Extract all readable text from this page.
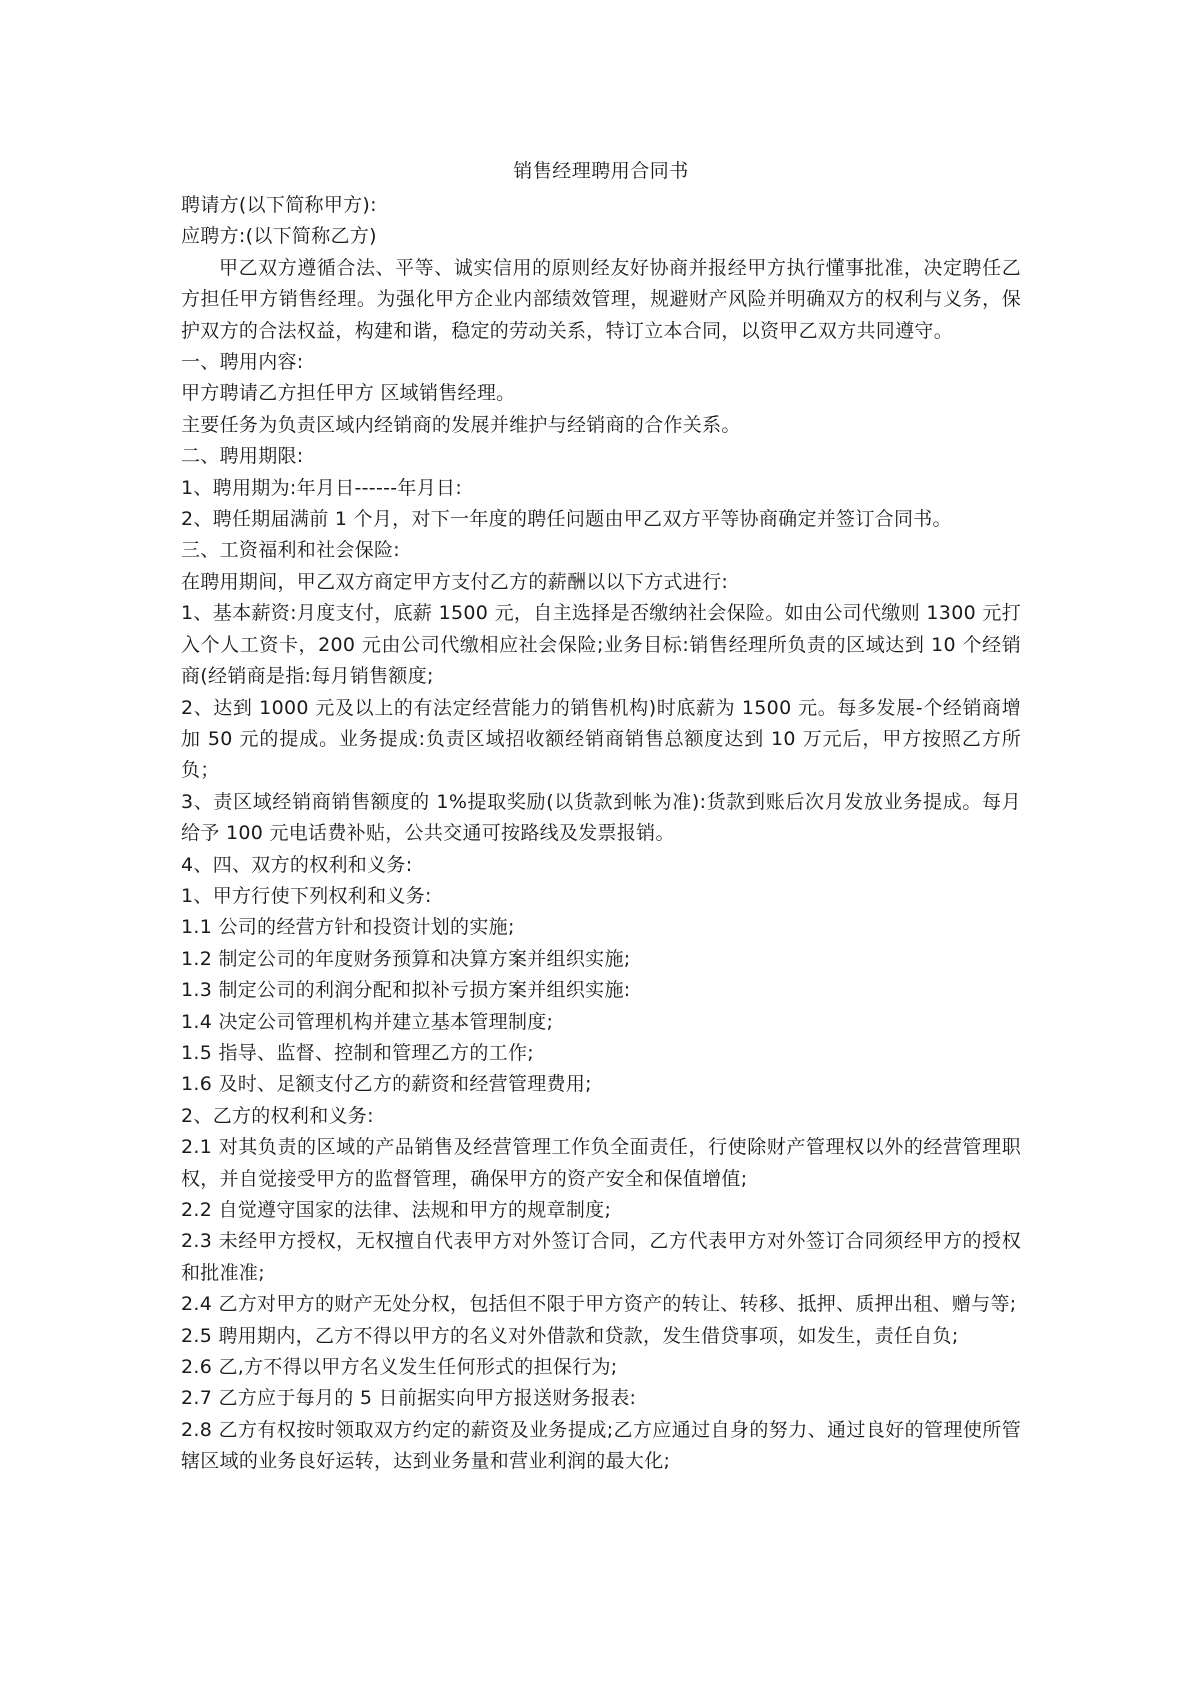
销售经理聘用合同书

聘请方(以下简称甲方):

应聘方:(以下简称乙方)

甲乙双方遵循合法、平等、诚实信用的原则经友好协商并报经甲方执行懂事批准，决定聘任乙方担任甲方销售经理。为强化甲方企业内部绩效管理，规避财产风险并明确双方的权利与义务，保护双方的合法权益，构建和谐，稳定的劳动关系，特订立本合同，以资甲乙双方共同遵守。

一、聘用内容:

甲方聘请乙方担任甲方 区域销售经理。

主要任务为负责区域内经销商的发展并维护与经销商的合作关系。

二、聘用期限:

1、聘用期为:年月日------年月日:

2、聘任期届满前 1 个月，对下一年度的聘任问题由甲乙双方平等协商确定并签订合同书。

三、工资福利和社会保险:

在聘用期间，甲乙双方商定甲方支付乙方的薪酬以以下方式进行:

1、基本薪资:月度支付，底薪 1500 元，自主选择是否缴纳社会保险。如由公司代缴则 1300 元打入个人工资卡，200 元由公司代缴相应社会保险;业务目标:销售经理所负责的区域达到 10 个经销商(经销商是指:每月销售额度;

2、达到 1000 元及以上的有法定经营能力的销售机构)时底薪为 1500 元。每多发展-个经销商增加 50 元的提成。业务提成:负责区域招收额经销商销售总额度达到 10 万元后，甲方按照乙方所负；

3、责区域经销商销售额度的 1%提取奖励(以货款到帐为准):货款到账后次月发放业务提成。每月给予 100 元电话费补贴，公共交通可按路线及发票报销。

4、四、双方的权利和义务:

1、甲方行使下列权利和义务:

1.1 公司的经营方针和投资计划的实施;

1.2 制定公司的年度财务预算和决算方案并组织实施;

1.3 制定公司的利润分配和拟补亏损方案并组织实施:

1.4 决定公司管理机构并建立基本管理制度;

1.5 指导、监督、控制和管理乙方的工作;

1.6 及时、足额支付乙方的薪资和经营管理费用;

2、乙方的权利和义务:

2.1 对其负责的区域的产品销售及经营管理工作负全面责任，行使除财产管理权以外的经营管理职权，并自觉接受甲方的监督管理，确保甲方的资产安全和保值增值;

2.2 自觉遵守国家的法律、法规和甲方的规章制度;

2.3 未经甲方授权，无权擅自代表甲方对外签订合同，乙方代表甲方对外签订合同须经甲方的授权和批准准;

2.4 乙方对甲方的财产无处分权，包括但不限于甲方资产的转让、转移、抵押、质押出租、赠与等;

2.5 聘用期内，乙方不得以甲方的名义对外借款和贷款，发生借贷事项，如发生，责任自负;

2.6 乙,方不得以甲方名义发生任何形式的担保行为;

2.7 乙方应于每月的 5 日前据实向甲方报送财务报表:

2.8 乙方有权按时领取双方约定的薪资及业务提成;乙方应通过自身的努力、通过良好的管理使所管辖区域的业务良好运转，达到业务量和营业利润的最大化;
